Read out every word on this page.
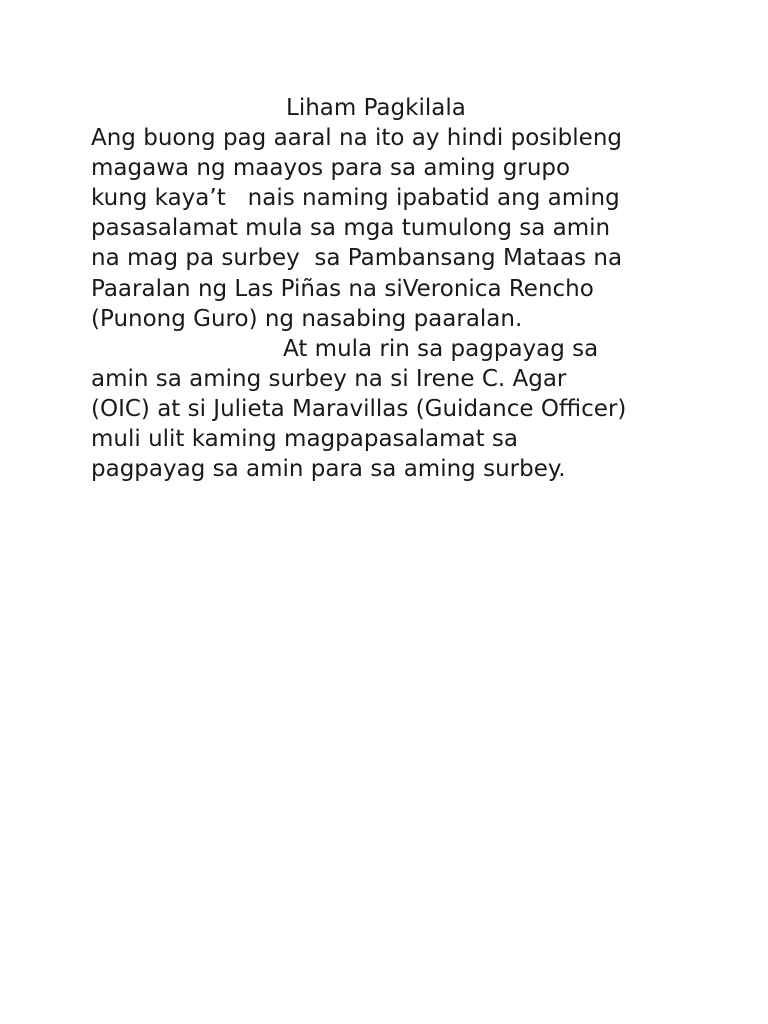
Liham Pagkilala
Ang buong pag aaral na ito ay hindi posibleng
magawa ng maayos para sa aming grupo
kung kaya’t   nais naming ipabatid ang aming
pasasalamat mula sa mga tumulong sa amin
na mag pa surbey  sa Pambansang Mataas na
Paaralan ng Las Piñas na siVeronica Rencho
(Punong Guro) ng nasabing paaralan.
At mula rin sa pagpayag sa
amin sa aming surbey na si Irene C. Agar
(OIC) at si Julieta Maravillas (Guidance Officer)
muli ulit kaming magpapasalamat sa
pagpayag sa amin para sa aming surbey.
